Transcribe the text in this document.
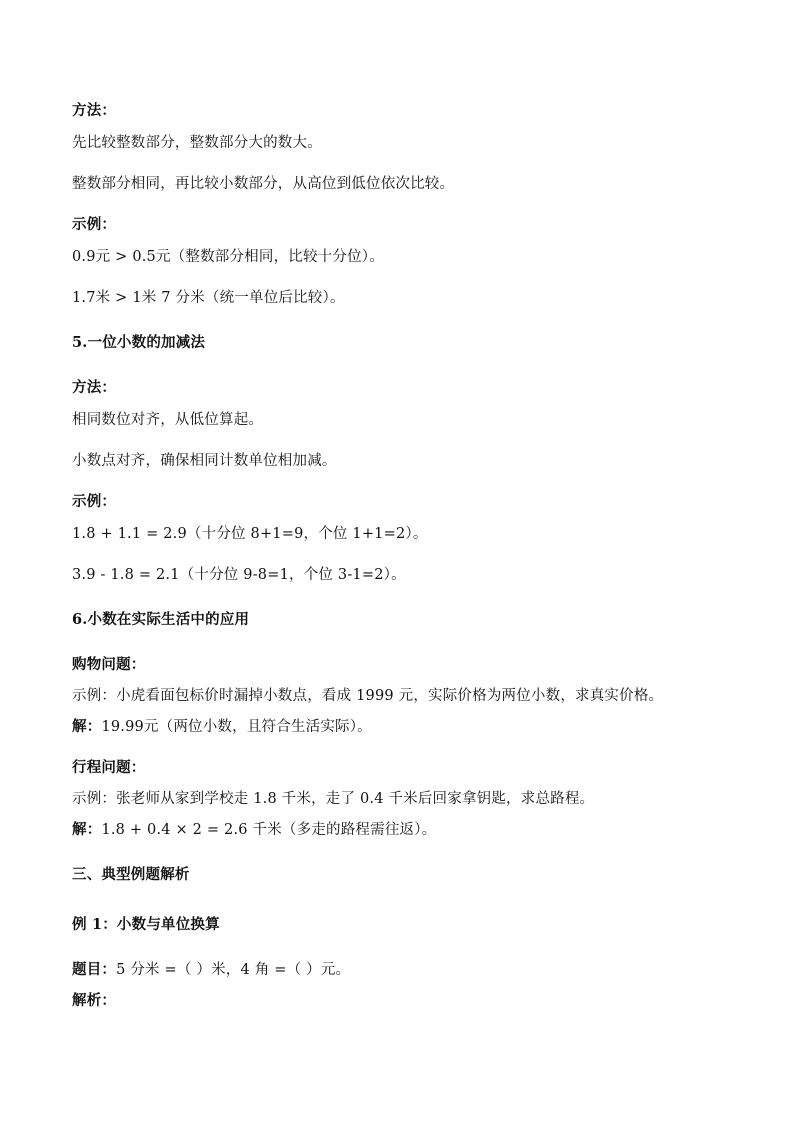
方法：
先比较整数部分，整数部分大的数大。
整数部分相同，再比较小数部分，从高位到低位依次比较。
示例：
0.9元 > 0.5元（整数部分相同，比较十分位）。
1.7米 > 1米 7 分米（统一单位后比较）。
5.一位小数的加减法
方法：
相同数位对齐，从低位算起。
小数点对齐，确保相同计数单位相加减。
示例：
1.8 + 1.1 = 2.9（十分位 8+1=9，个位 1+1=2）。
3.9 - 1.8 = 2.1（十分位 9-8=1，个位 3-1=2）。
6.小数在实际生活中的应用
购物问题：
示例：小虎看面包标价时漏掉小数点，看成 1999 元，实际价格为两位小数，求真实价格。
解：19.99元（两位小数，且符合生活实际）。
行程问题：
示例：张老师从家到学校走 1.8 千米，走了 0.4 千米后回家拿钥匙，求总路程。
解：1.8 + 0.4 × 2 = 2.6 千米（多走的路程需往返）。
三、典型例题解析
例 1：小数与单位换算
题目：5 分米 =（ ）米，4 角 =（ ）元。
解析：
